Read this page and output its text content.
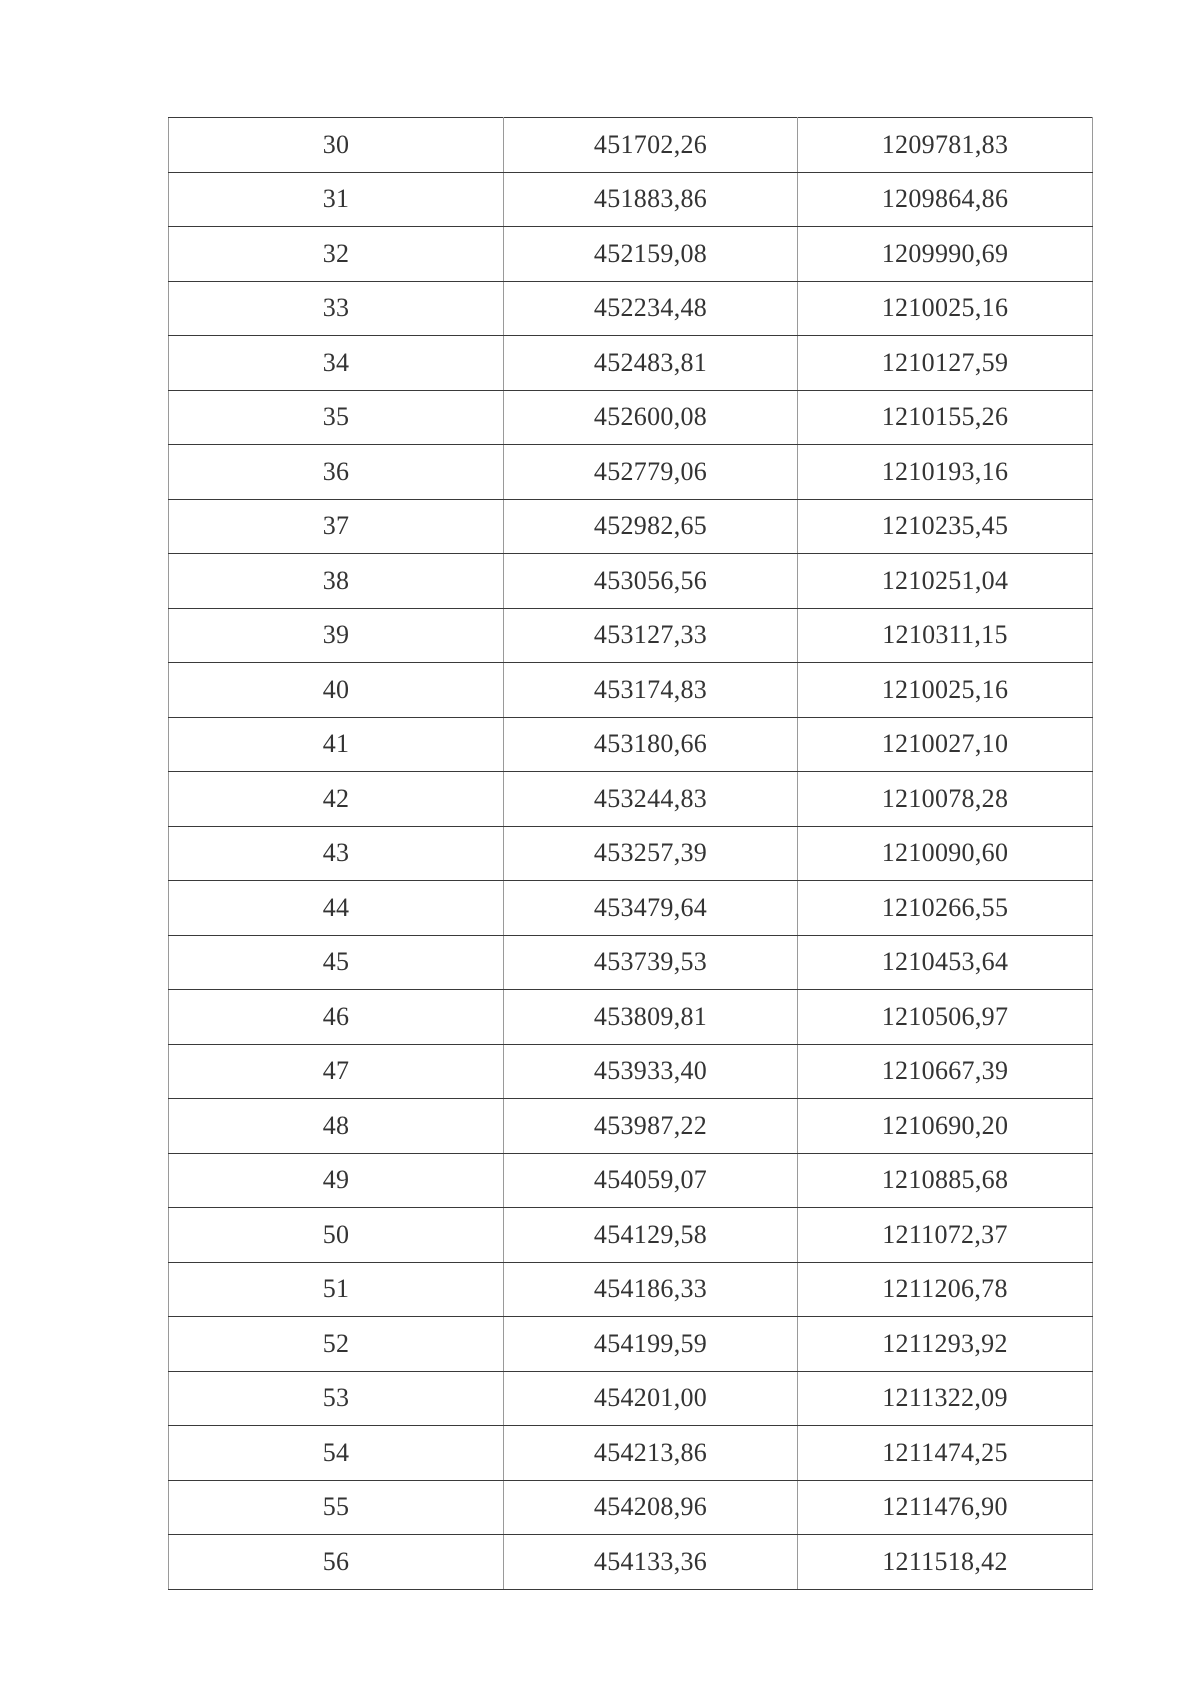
30	451702,26	1209781,83
31	451883,86	1209864,86
32	452159,08	1209990,69
33	452234,48	1210025,16
34	452483,81	1210127,59
35	452600,08	1210155,26
36	452779,06	1210193,16
37	452982,65	1210235,45
38	453056,56	1210251,04
39	453127,33	1210311,15
40	453174,83	1210025,16
41	453180,66	1210027,10
42	453244,83	1210078,28
43	453257,39	1210090,60
44	453479,64	1210266,55
45	453739,53	1210453,64
46	453809,81	1210506,97
47	453933,40	1210667,39
48	453987,22	1210690,20
49	454059,07	1210885,68
50	454129,58	1211072,37
51	454186,33	1211206,78
52	454199,59	1211293,92
53	454201,00	1211322,09
54	454213,86	1211474,25
55	454208,96	1211476,90
56	454133,36	1211518,42
